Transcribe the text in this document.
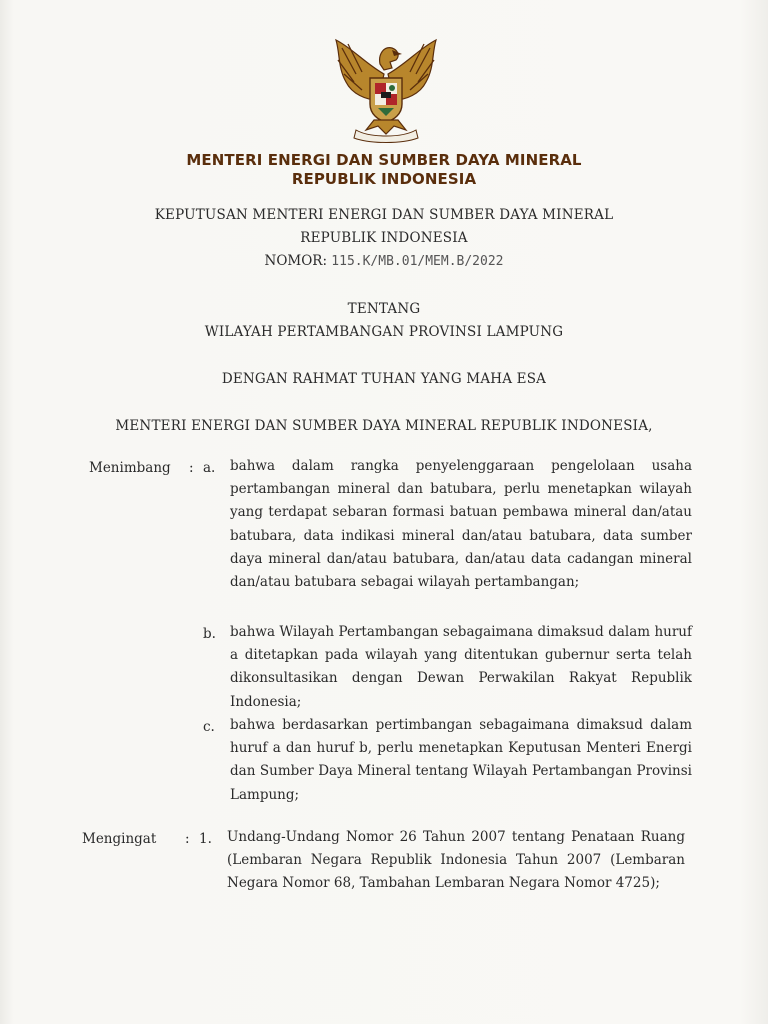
MENTERI ENERGI DAN SUMBER DAYA MINERAL
REPUBLIK INDONESIA
KEPUTUSAN MENTERI ENERGI DAN SUMBER DAYA MINERAL
REPUBLIK INDONESIA
NOMOR: 115.K/MB.01/MEM.B/2022
TENTANG
WILAYAH PERTAMBANGAN PROVINSI LAMPUNG
DENGAN RAHMAT TUHAN YANG MAHA ESA
MENTERI ENERGI DAN SUMBER DAYA MINERAL REPUBLIK INDONESIA,
Menimbang : a. bahwa dalam rangka penyelenggaraan pengelolaan usaha pertambangan mineral dan batubara, perlu menetapkan wilayah yang terdapat sebaran formasi batuan pembawa mineral dan/atau batubara, data indikasi mineral dan/atau batubara, data sumber daya mineral dan/atau batubara, dan/atau data cadangan mineral dan/atau batubara sebagai wilayah pertambangan;

b. bahwa Wilayah Pertambangan sebagaimana dimaksud dalam huruf a ditetapkan pada wilayah yang ditentukan gubernur serta telah dikonsultasikan dengan Dewan Perwakilan Rakyat Republik Indonesia;

c. bahwa berdasarkan pertimbangan sebagaimana dimaksud dalam huruf a dan huruf b, perlu menetapkan Keputusan Menteri Energi dan Sumber Daya Mineral tentang Wilayah Pertambangan Provinsi Lampung;

Mengingat : 1. Undang-Undang Nomor 26 Tahun 2007 tentang Penataan Ruang (Lembaran Negara Republik Indonesia Tahun 2007 (Lembaran Negara Nomor 68, Tambahan Lembaran Negara Nomor 4725);
